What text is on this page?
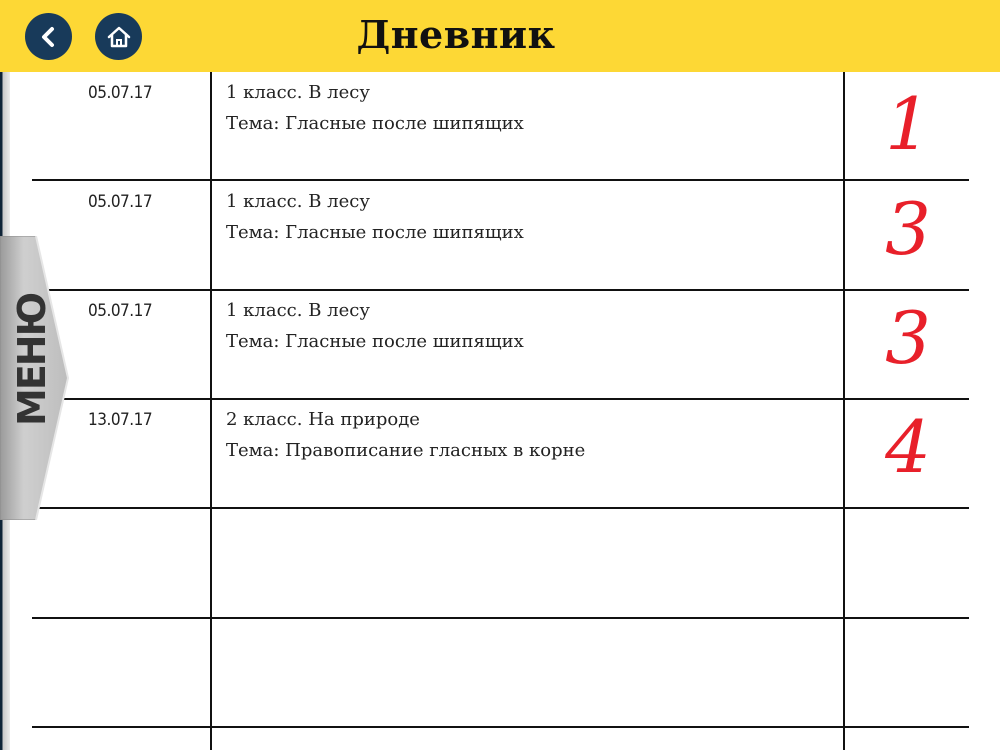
Дневник
05.07.17	1 класс. В лесу
Тема: Гласные после шипящих	1
05.07.17	1 класс. В лесу
Тема: Гласные после шипящих	3
05.07.17	1 класс. В лесу
Тема: Гласные после шипящих	3
13.07.17	2 класс. На природе
Тема: Правописание гласных в корне	4
МЕНЮ
